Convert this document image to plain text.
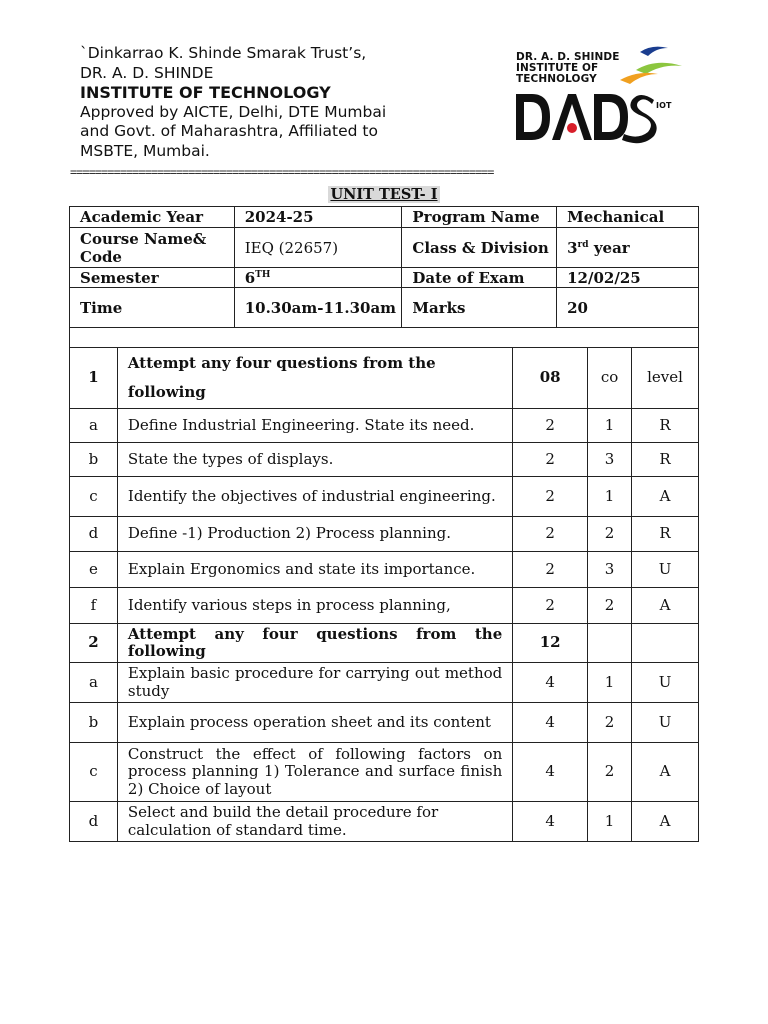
`Dinkarrao K. Shinde Smarak Trust’s,
DR. A. D. SHINDE
INSTITUTE OF TECHNOLOGY
Approved by AICTE, Delhi, DTE Mumbai
and Govt. of Maharashtra, Affiliated to
MSBTE, Mumbai.
DR. A. D. SHINDE
INSTITUTE OF
TECHNOLOGY
IOT
====================================================================
UNIT TEST- I
Academic Year	2024-25	Program Name	Mechanical
Course Name& Code	IEQ (22657)	Class & Division	3rd year
Semester	6TH	Date of Exam	12/02/25
Time	10.30am-11.30am	Marks	20
1	Attempt any four questions from the following	08	co	level
a	Define Industrial Engineering. State its need.	2	1	R
b	State the types of displays.	2	3	R
c	Identify the objectives of industrial engineering.	2	1	A
d	Define -1) Production 2) Process planning.	2	2	R
e	Explain Ergonomics and state its importance.	2	3	U
f	Identify various steps in process planning,	2	2	A
2	Attempt any four questions from the following	12		
a	Explain basic procedure for carrying out method study	4	1	U
b	Explain process operation sheet and its content	4	2	U
c	Construct the effect of following factors on process planning 1) Tolerance and surface finish 2) Choice of layout	4	2	A
d	Select and build the detail procedure for calculation of standard time.	4	1	A
